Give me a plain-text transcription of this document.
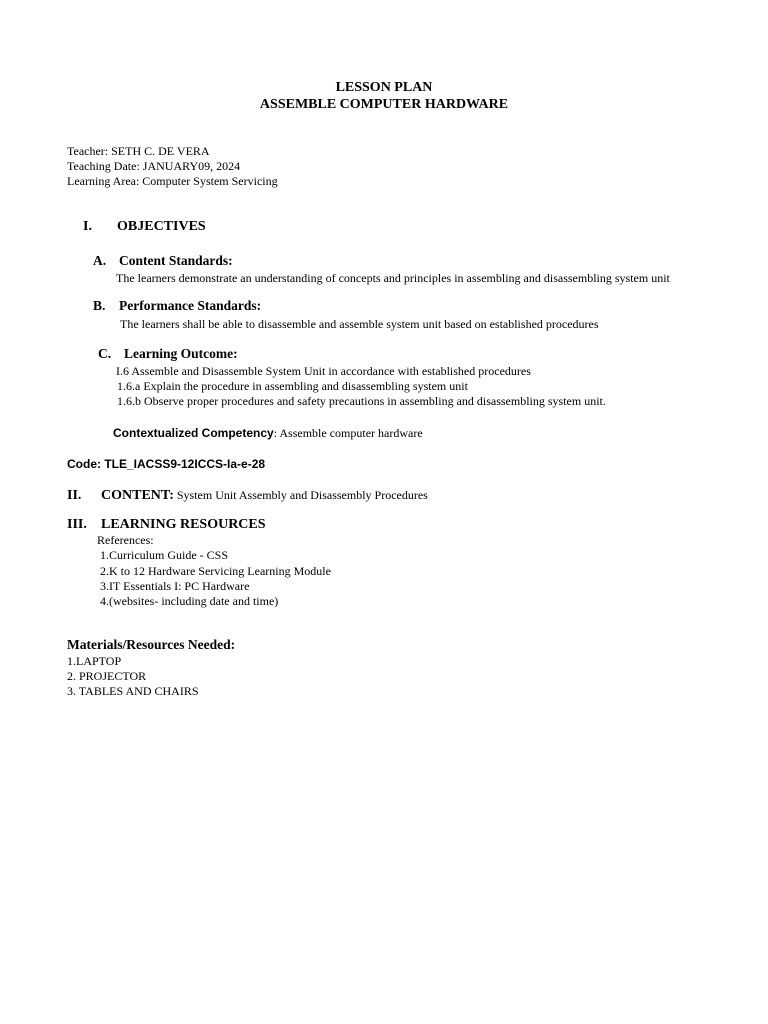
LESSON PLAN
ASSEMBLE COMPUTER HARDWARE
Teacher: SETH C. DE VERA
Teaching Date: JANUARY09, 2024
Learning Area: Computer System Servicing
I. OBJECTIVES
A. Content Standards:
The learners demonstrate an understanding of concepts and principles in assembling and disassembling system unit
B. Performance Standards:
The learners shall be able to disassemble and assemble system unit based on established procedures
C. Learning Outcome:
I.6 Assemble and Disassemble System Unit in accordance with established procedures
1.6.a Explain the procedure in assembling and disassembling system unit
1.6.b Observe proper procedures and safety precautions in assembling and disassembling system unit.
Contextualized Competency: Assemble computer hardware
Code: TLE_IACSS9-12ICCS-Ia-e-28
II. CONTENT: System Unit Assembly and Disassembly Procedures
III. LEARNING RESOURCES
References:
1.Curriculum Guide - CSS
2.K to 12 Hardware Servicing Learning Module
3.IT Essentials I: PC Hardware
4.(websites- including date and time)
Materials/Resources Needed:
1.LAPTOP
2. PROJECTOR
3. TABLES AND CHAIRS
